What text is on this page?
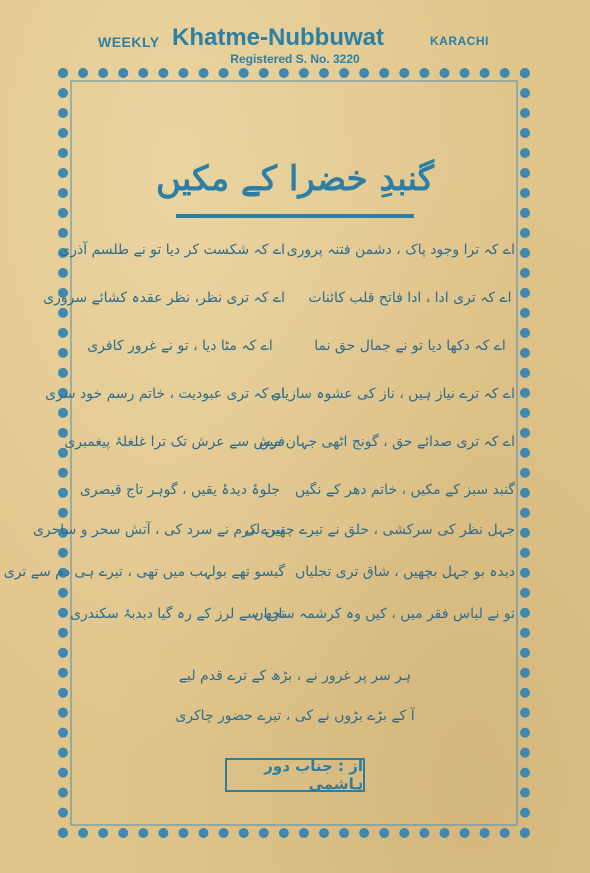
WEEKLY Khatme-Nubbuwat	KARACHI
Registered S. No. 3220
گنبدِ خضرا کے مکیں
اے کہ ترا وجود پاک ، دشمن فتنہ پروری
اے کہ شکست کر دیا تو نے طلسم آذری
اے کہ تری ادا ، ادا فاتح قلب کائنات
اے کہ تری نظر، نظر عقدہ کشائے سروری
اے کہ دکھا دیا تو نے جمال حق نما
اے کہ مٹا دیا ، تو نے غرور کافری
اے کہ ترے نیاز ہیں ، ناز کی عشوہ سازیاں
اے کہ تری عبودیت ، خاتم رسم خود سری
اے کہ تری صدائے حق ، گونج اٹھی جہان میں
فرش سے عرش تک ترا غلغلۂ پیغمبری
گنبد سبز کے مکیں ، خاتم دھر کے نگیں
جلوۂ دیدۂ یقیں ، گوہر تاج قیصری
جہل نظر کی سرکشی ، حلق نے تیرے چھین لی
تیرے کرم نے سرد کی ، آتش سحر و ساحری
دیدہ بو جہل بچھیں ، شاق تری تجلیاں
گیسو تھے بولہب میں تھی ، تیرے ہی دم سے تری
تو نے لباس فقر میں ، کیں وہ کرشمہ سازیاں
تجھ سے لرز کے رہ گیا دبدبۂ سکندری
ہر سر پر غرور نے ، بڑھ کے ترے قدم لیے
آ کے بڑے بڑوں نے کی ، تیرے حضور چاکری
از : جناب دور ہاشمی
